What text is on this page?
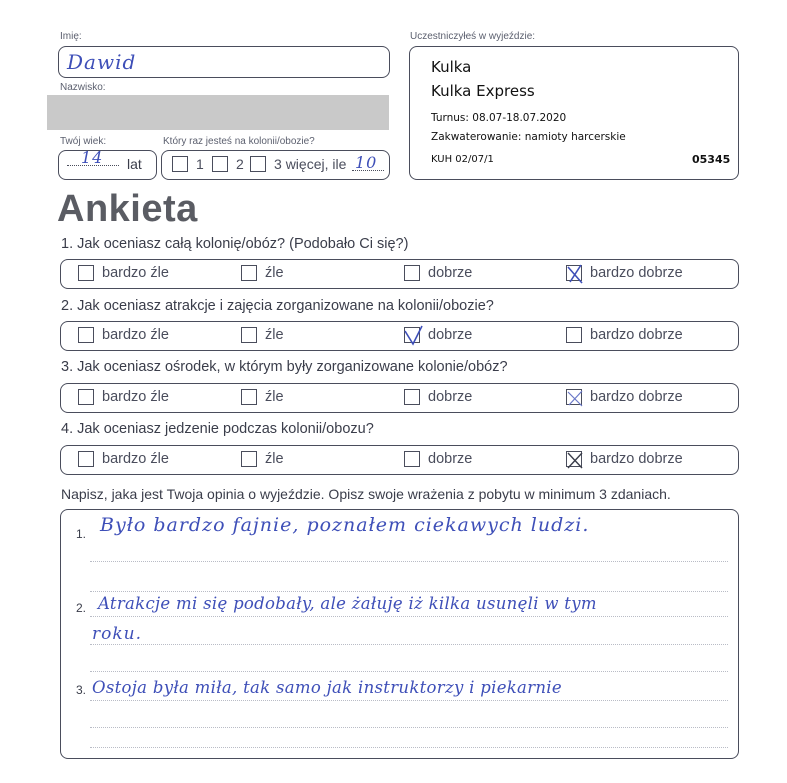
Imię:
Dawid
Nazwisko:
Twój wiek:
14 lat
Który raz jesteś na kolonii/obozie?
1 2 3
więcej, ile 10
Uczestniczyłeś w wyjeździe:
Kulka
Kulka Express
Turnus: 08.07-18.07.2020
Zakwaterowanie: namioty harcerskie
KUH 02/07/1	05345
Ankieta
1. Jak oceniasz całą kolonię/obóz? (Podobało Ci się?)
bardzo źle	źle	dobrze	bardzo dobrze
2. Jak oceniasz atrakcje i zajęcia zorganizowane na kolonii/obozie?
bardzo źle	źle	dobrze	bardzo dobrze
3. Jak oceniasz ośrodek, w którym były zorganizowane kolonie/obóz?
bardzo źle	źle	dobrze	bardzo dobrze
4. Jak oceniasz jedzenie podczas kolonii/obozu?
bardzo źle	źle	dobrze	bardzo dobrze
Napisz, jaka jest Twoja opinia o wyjeździe. Opisz swoje wrażenia z pobytu w minimum 3 zdaniach.
1.
2.
3.
Było bardzo fajnie, poznałem ciekawych ludzi.
Atrakcje mi się podobały, ale żałuję iż kilka usunęli w tym
roku.
Ostoja była miła, tak samo jak instruktorzy i piekarnie
